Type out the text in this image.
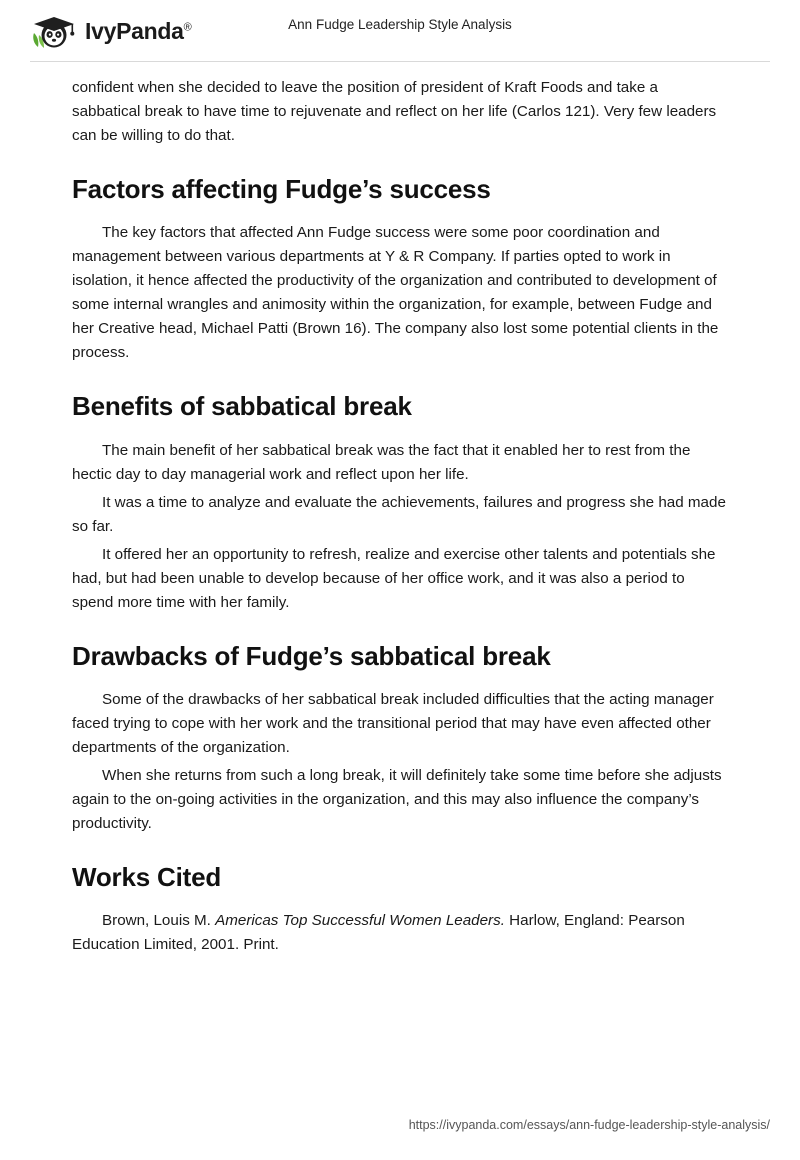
IvyPanda®	Ann Fudge Leadership Style Analysis

confident when she decided to leave the position of president of Kraft Foods and take a sabbatical break to have time to rejuvenate and reflect on her life (Carlos 121). Very few leaders can be willing to do that.

Factors affecting Fudge’s success

The key factors that affected Ann Fudge success were some poor coordination and management between various departments at Y & R Company. If parties opted to work in isolation, it hence affected the productivity of the organization and contributed to development of some internal wrangles and animosity within the organization, for example, between Fudge and her Creative head, Michael Patti (Brown 16). The company also lost some potential clients in the process.

Benefits of sabbatical break

The main benefit of her sabbatical break was the fact that it enabled her to rest from the hectic day to day managerial work and reflect upon her life.

It was a time to analyze and evaluate the achievements, failures and progress she had made so far.

It offered her an opportunity to refresh, realize and exercise other talents and potentials she had, but had been unable to develop because of her office work, and it was also a period to spend more time with her family.

Drawbacks of Fudge’s sabbatical break

Some of the drawbacks of her sabbatical break included difficulties that the acting manager faced trying to cope with her work and the transitional period that may have even affected other departments of the organization.

When she returns from such a long break, it will definitely take some time before she adjusts again to the on-going activities in the organization, and this may also influence the company’s productivity.

Works Cited

Brown, Louis M. Americas Top Successful Women Leaders. Harlow, England: Pearson Education Limited, 2001. Print.

https://ivypanda.com/essays/ann-fudge-leadership-style-analysis/
